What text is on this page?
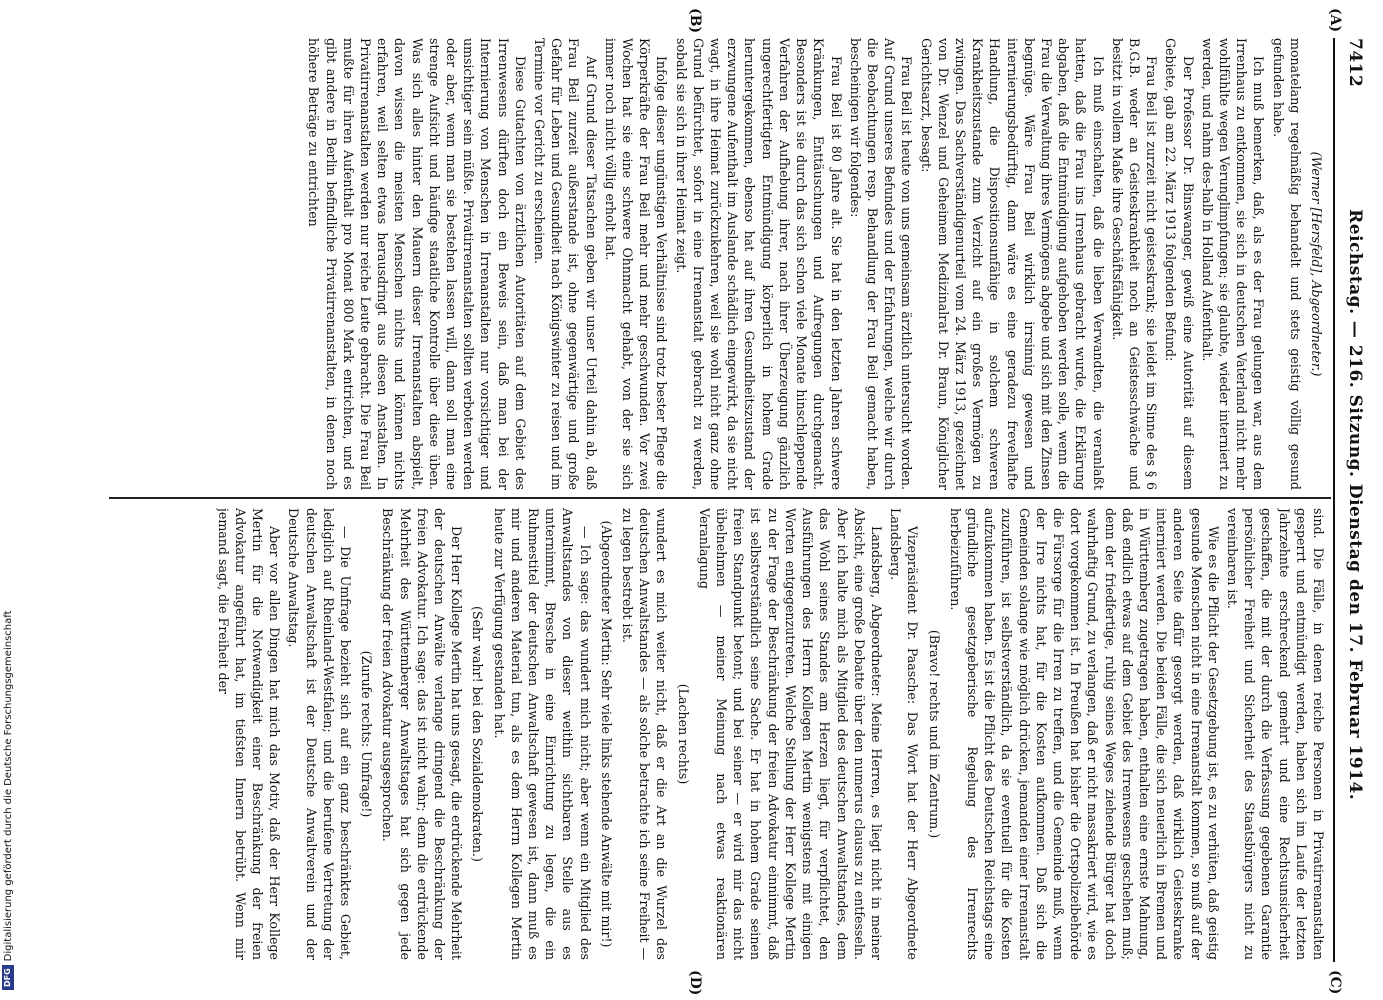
7412
Reichstag. — 216. Sitzung. Dienstag den 17. Februar 1914.
(A)
(B)
(C)
(D)

(Werner [Hersfeld], Abgeordneter.)

monatelang regelmäßig behandelt und stets geistig völlig gesund gefunden habe.

Ich muß bemerken, daß, als es der Frau gelungen war, aus dem Irrenhaus zu entkommen, sie sich in deutschen Vaterland nicht mehr wohlfühlte wegen Verunglimpfungen; sie glaubte, wieder interniert zu werden, und nahm des-halb in Holland Aufenthalt.

Der Professor Dr. Binswanger, gewiß eine Autorität auf diesem Gebiete, gab am 22. März 1913 folgenden Befund:

Frau Beil ist zurzeit nicht geisteskrank; sie leidet im Sinne des § 6 B.G.B. weder an Geisteskrankheit noch an Geistesschwäche und besitzt in vollem Maße ihre Geschäftsfähigkeit.

Ich muß einschalten, daß die lieben Verwandten, die veranlaßt hatten, daß die Frau ins Irrenhaus gebracht wurde, die Erklärung abgaben, daß die Entmündigung aufgehoben werden solle, wenn die Frau die Verwaltung ihres Vermögens abgebe und sich mit den Zinsen begnüge. Wäre Frau Beil wirklich irrsinnig gewesen und internierungsbedürftig, dann wäre es eine geradezu frevelhafte Handlung, die Dispositionsunfähige in solchem schweren Krankheitszustande zum Verzicht auf ein großes Vermögen zu zwingen. Das Sachverständigenurteil vom 24. März 1913, gezeichnet von Dr. Wenzel und Geheimem Medizinalrat Dr. Braun, Königlicher Gerichtsarzt, besagt:

Frau Beil ist heute von uns gemeinsam ärztlich untersucht worden. Auf Grund unseres Befundes und der Erfahrungen, welche wir durch die Beobachtungen resp. Behandlung der Frau Beil gemacht haben, bescheinigen wir folgendes:

Frau Beil ist 80 Jahre alt. Sie hat in den letzten Jahren schwere Kränkungen, Enttäuschungen und Aufregungen durchgemacht. Besonders ist sie durch das sich schon viele Monate hinschleppende Verfahren der Aufhebung ihrer, nach ihrer Überzeugung gänzlich ungerechtfertigten Entmündigung körperlich in hohem Grade heruntergekommen, ebenso hat auf ihren Gesundheitszustand der erzwungene Aufenthalt im Auslande schädlich eingewirkt, da sie nicht wagt, in ihre Heimat zurückzukehren, weil sie wohl nicht ganz ohne Grund befürchtet, sofort in eine Irrenanstalt gebracht zu werden, sobald sie sich in ihrer Heimat zeigt.

Infolge dieser ungünstigen Verhältnisse sind trotz bester Pflege die Körperkräfte der Frau Beil mehr und mehr geschwunden. Vor zwei Wochen hat sie eine schwere Ohnmacht gehabt, von der sie sich immer noch nicht völlig erholt hat.

Auf Grund dieser Tatsachen geben wir unser Urteil dahin ab, daß Frau Beil zurzeit außerstande ist, ohne gegenwärtige und große Gefahr für Leben und Gesundheit nach Königswinter zu reisen und im Termine vor Gericht zu erscheinen.

Diese Gutachten von ärztlichen Autoritäten auf dem Gebiet des Irrenwesens dürften doch ein Beweis sein, daß man bei der Internierung von Menschen in Irrenanstalten nur vorsichtiger und umsichtiger sein müßte. Privatirrenanstalten sollten verboten werden oder aber, wenn man sie bestehen lassen will, dann soll man eine strenge Aufsicht und häufige staatliche Kontrolle über diese üben. Was sich alles hinter den Mauern dieser Irrenanstalten abspielt, davon wissen die meisten Menschen nichts und können nichts erfahren, weil selten etwas herausdringt aus diesen Anstalten. In Privatirrenanstalten werden nur reiche Leute gebracht. Die Frau Beil mußte für ihren Aufenthalt pro Monat 800 Mark entrichten, und es gibt andere in Berlin befindliche Privatirrenanstalten, in denen noch höhere Beträge zu entrichten

sind. Die Fälle, in denen reiche Personen in Privatirrenanstalten gesperrt und entmündigt werden, haben sich im Laufe der letzten Jahrzehnte erschreckend gemehrt und eine Rechtsunsicherheit geschaffen, die mit der durch die Verfassung gegebenen Garantie persönlicher Freiheit und Sicherheit des Staatsbürgers nicht zu vereinbaren ist.

Wie es die Pflicht der Gesetzgebung ist, es zu verhüten, daß geistig gesunde Menschen nicht in eine Irrenanstalt kommen, so muß auf der anderen Seite dafür gesorgt werden, daß wirklich Geisteskranke interniert werden. Die beiden Fälle, die sich neuerlich in Bremen und in Württemberg zugetragen haben, enthalten eine ernste Mahnung, daß endlich etwas auf dem Gebiet des Irrenwesens geschehen muß; denn der friedfertige, ruhig seines Weges ziehende Bürger hat doch wahrhaftig Grund, zu verlangen, daß er nicht massakriert wird, wie es dort vorgekommen ist. In Preußen hat bisher die Ortspolizeibehörde die Fürsorge für die Irren zu treffen, und die Gemeinde muß, wenn der Irre nichts hat, für die Kosten aufkommen. Daß sich die Gemeinden solange wie möglich drücken, jemanden einer Irrenanstalt zuzuführen, ist selbstverständlich, da sie eventuell für die Kosten aufzukommen haben. Es ist die Pflicht des Deutschen Reichstags eine gründliche gesetzgeberische Regelung des Irrenrechts herbeizuführen.

(Bravo! rechts und im Zentrum.)

Vizepräsident Dr. Paasche: Das Wort hat der Herr Abgeordnete Landsberg.

Landsberg, Abgeordneter: Meine Herren, es liegt nicht in meiner Absicht, eine große Debatte über den numerus clausus zu entfesseln. Aber ich halte mich als Mitglied des deutschen Anwaltstandes, dem das Wohl seines Standes am Herzen liegt, für verpflichtet, den Ausführungen des Herrn Kollegen Mertin wenigstens mit einigen Worten entgegenzutreten. Welche Stellung der Herr Kollege Mertin zu der Frage der Beschränkung der freien Advokatur einnimmt, daß ist selbstverständlich seine Sache. Er hat in hohem Grade seinen freien Standpunkt betont; und bei seiner — er wird mir das nicht übelnehmen — meiner Meinung nach etwas reaktionären Veranlagung

(Lachen rechts)

wundert es mich weiter nicht, daß er die Art an die Wurzel des deutschen Anwaltstandes — als solche betrachte ich seine Freiheit — zu legen bestrebt ist.

(Abgeordneter Mertin: Sehr viele links stehende Anwälte mit mir!)

— Ich sage: das wundert mich nicht; aber wenn ein Mitglied des Anwaltstandes von dieser weithin sichtbaren Stelle aus es unternimmt, Bresche in eine Einrichtung zu legen, die ein Ruhmestitel der deutschen Anwaltschaft gewesen ist, dann muß es mir und anderen Material tun, als es dem Herrn Kollegen Mertin heute zur Verfügung gestanden hat.

(Sehr wahr! bei den Sozialdemokraten.)

Der Herr Kollege Mertin hat uns gesagt, die erdrückende Mehrheit der deutschen Anwälte verlange dringend die Beschränkung der freien Advokatur. Ich sage: das ist nicht wahr; denn die erdrückende Mehrheit des Württemberger Anwaltstages hat sich gegen jede Beschränkung der freien Advokatur ausgesprochen.

(Zurufe rechts: Umfrage!)

— Die Umfrage bezieht sich auf ein ganz beschränktes Gebiet, lediglich auf Rheinland-Westfalen; und die berufene Vertretung der deutschen Anwaltschaft ist der Deutsche Anwaltverein und der Deutsche Anwaltstag.

Aber vor allen Dingen hat mich das Motiv, daß der Herr Kollege Mertin für die Notwendigkeit einer Beschränkung der freien Advokatur angeführt hat, im tiefsten Innern betrübt. Wenn mir jemand sagt, die Freiheit der

DFG
Digitalisierung gefördert durch die Deutsche Forschungsgemeinschaft
